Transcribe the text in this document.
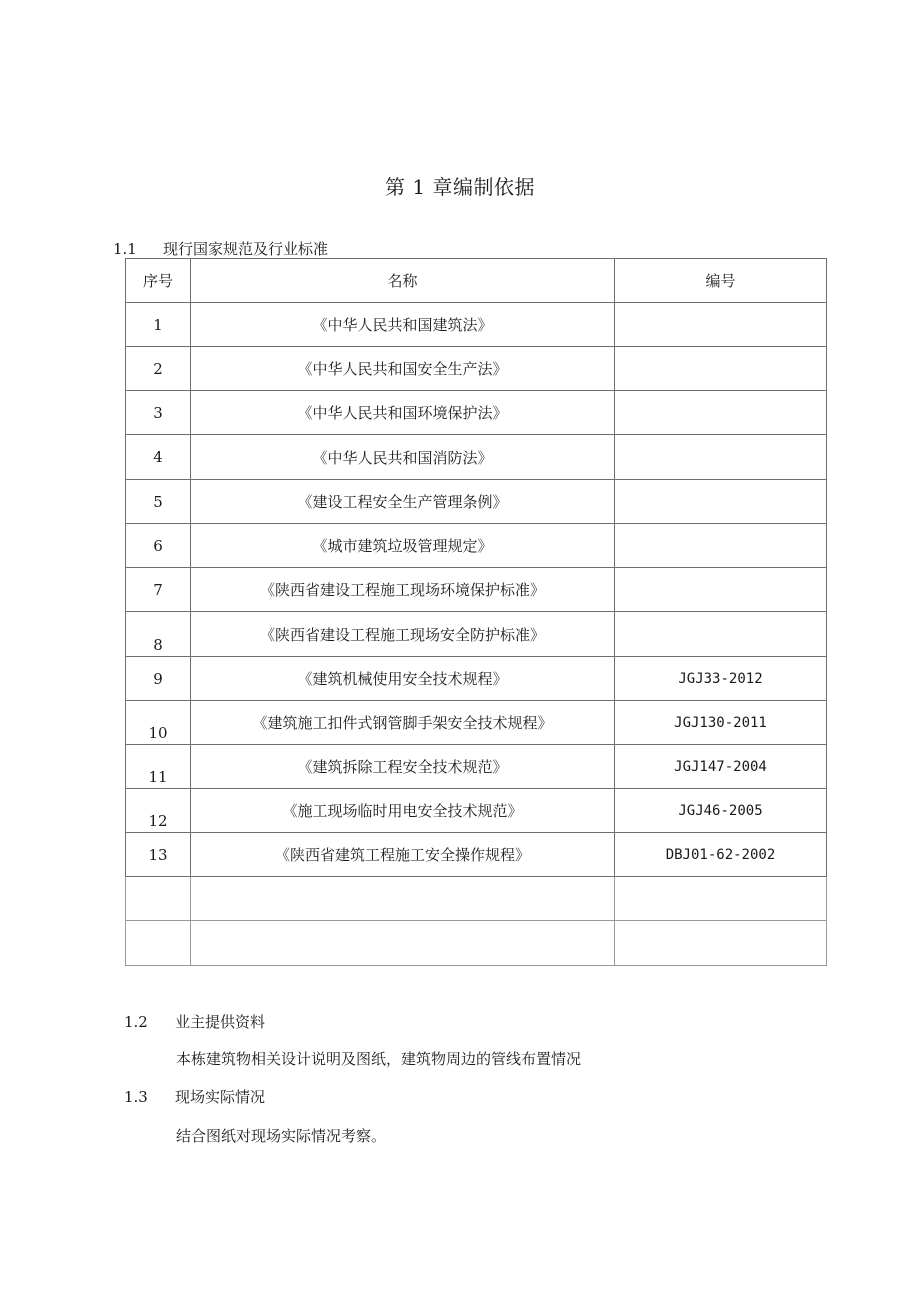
第 1 章编制依据
1.1 现行国家规范及行业标准
序号	名称	编号
1	《中华人民共和国建筑法》	
2	《中华人民共和国安全生产法》	
3	《中华人民共和国环境保护法》	
4	《中华人民共和国消防法》	
5	《建设工程安全生产管理条例》	
6	《城市建筑垃圾管理规定》	
7	《陕西省建设工程施工现场环境保护标准》	
8	《陕西省建设工程施工现场安全防护标准》	
9	《建筑机械使用安全技术规程》	JGJ33-2012
10	《建筑施工扣件式钢管脚手架安全技术规程》	JGJ130-2011
11	《建筑拆除工程安全技术规范》	JGJ147-2004
12	《施工现场临时用电安全技术规范》	JGJ46-2005
13	《陕西省建筑工程施工安全操作规程》	DBJ01-62-2002

1.2 业主提供资料
本栋建筑物相关设计说明及图纸，建筑物周边的管线布置情况
1.3 现场实际情况
结合图纸对现场实际情况考察。
